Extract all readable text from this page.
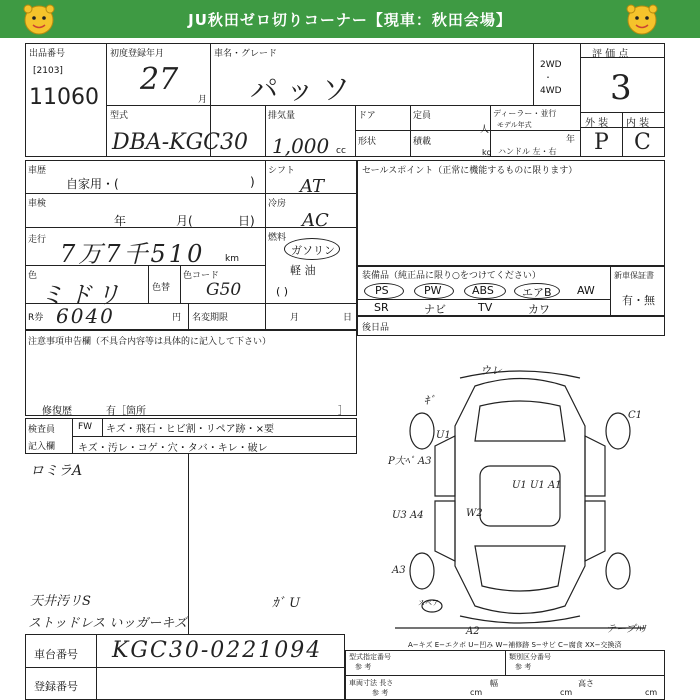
JU秋田ゼロ切りコーナー【現車：秋田会場】
出品番号
[2103]
11060
初度登録年月
27
月
車名・グレード
パッソ
2WD
・
4WD
評 価 点
3
型式
DBA-KGC30
排気量
1,000 cc
ドア	定員
人
ディーラー・並行
モデル年式
年
形状	積載
kg ハンドル 左・右
外 装 内 装
P C
車歴
自家用・(	)
シフト
AT
車検
年	月(	日)
冷房
AC
走行 7万7千510 km
燃料
ガソリン
軽 油
( )
色
ミドリ	色替
色コード
G50
R券 6040	円 名変期限	月	日
セールスポイント（正常に機能するものに限ります）
装備品（純正品に限り○をつけてください）	新車保証書
有・無
PS	PW	ABS	エアB AW
SR	ナビ	TV	カワ
後日品
注意事項申告欄（不具合内容等は具体的に記入して下さい）
修復歴	有［箇所	］
検査員
記入欄
FW キズ・飛石・ヒビ割・リペア跡・×要
キズ・汚レ・コゲ・穴・タバ・キレ・破レ
ロミラA
天井汚リS
ストッドレス いッガーキズ
ｶﾞ U
ウレ
ｷﾞ
P大ﾍﾟ A3
U3 A4
A3
A2	テープﾊﾘ
U1 U1 A1
W2
U1
スペア
C1
A−キズ E−エクボ U−凹み W−補修跡 S−サビ C−腐食 XX−交換済
車台番号 KGC30-0221094
登録番号
型式指定番号
参 考
類別区分番号
参 考
車両寸法 長さ
参 考	cm
幅
cm
高さ
cm
